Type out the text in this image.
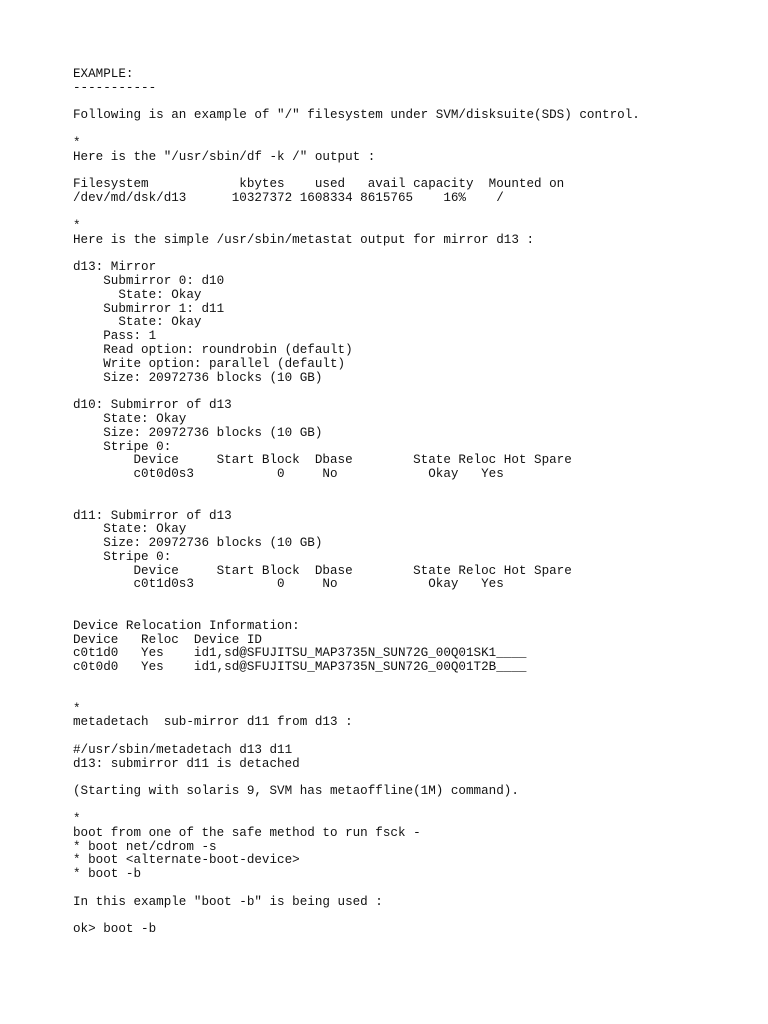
EXAMPLE:
-----------
Following is an example of "/" filesystem under SVM/disksuite(SDS) control.
*
Here is the "/usr/sbin/df -k /" output :
Filesystem            kbytes    used   avail capacity  Mounted on
/dev/md/dsk/d13      10327372 1608334 8615765    16%    /
*
Here is the simple /usr/sbin/metastat output for mirror d13 :
d13: Mirror
Submirror 0: d10
State: Okay
Submirror 1: d11
State: Okay
Pass: 1
Read option: roundrobin (default)
Write option: parallel (default)
Size: 20972736 blocks (10 GB)
d10: Submirror of d13
State: Okay
Size: 20972736 blocks (10 GB)
Stripe 0:
Device     Start Block  Dbase        State Reloc Hot Spare
c0t0d0s3           0     No            Okay   Yes
d11: Submirror of d13
State: Okay
Size: 20972736 blocks (10 GB)
Stripe 0:
Device     Start Block  Dbase        State Reloc Hot Spare
c0t1d0s3           0     No            Okay   Yes
Device Relocation Information:
Device   Reloc  Device ID
c0t1d0   Yes    id1,sd@SFUJITSU_MAP3735N_SUN72G_00Q01SK1____
c0t0d0   Yes    id1,sd@SFUJITSU_MAP3735N_SUN72G_00Q01T2B____
*
metadetach  sub-mirror d11 from d13 :
#/usr/sbin/metadetach d13 d11
d13: submirror d11 is detached
(Starting with solaris 9, SVM has metaoffline(1M) command).
*
boot from one of the safe method to run fsck -
* boot net/cdrom -s
* boot <alternate-boot-device>
* boot -b
In this example "boot -b" is being used :
ok> boot -b
